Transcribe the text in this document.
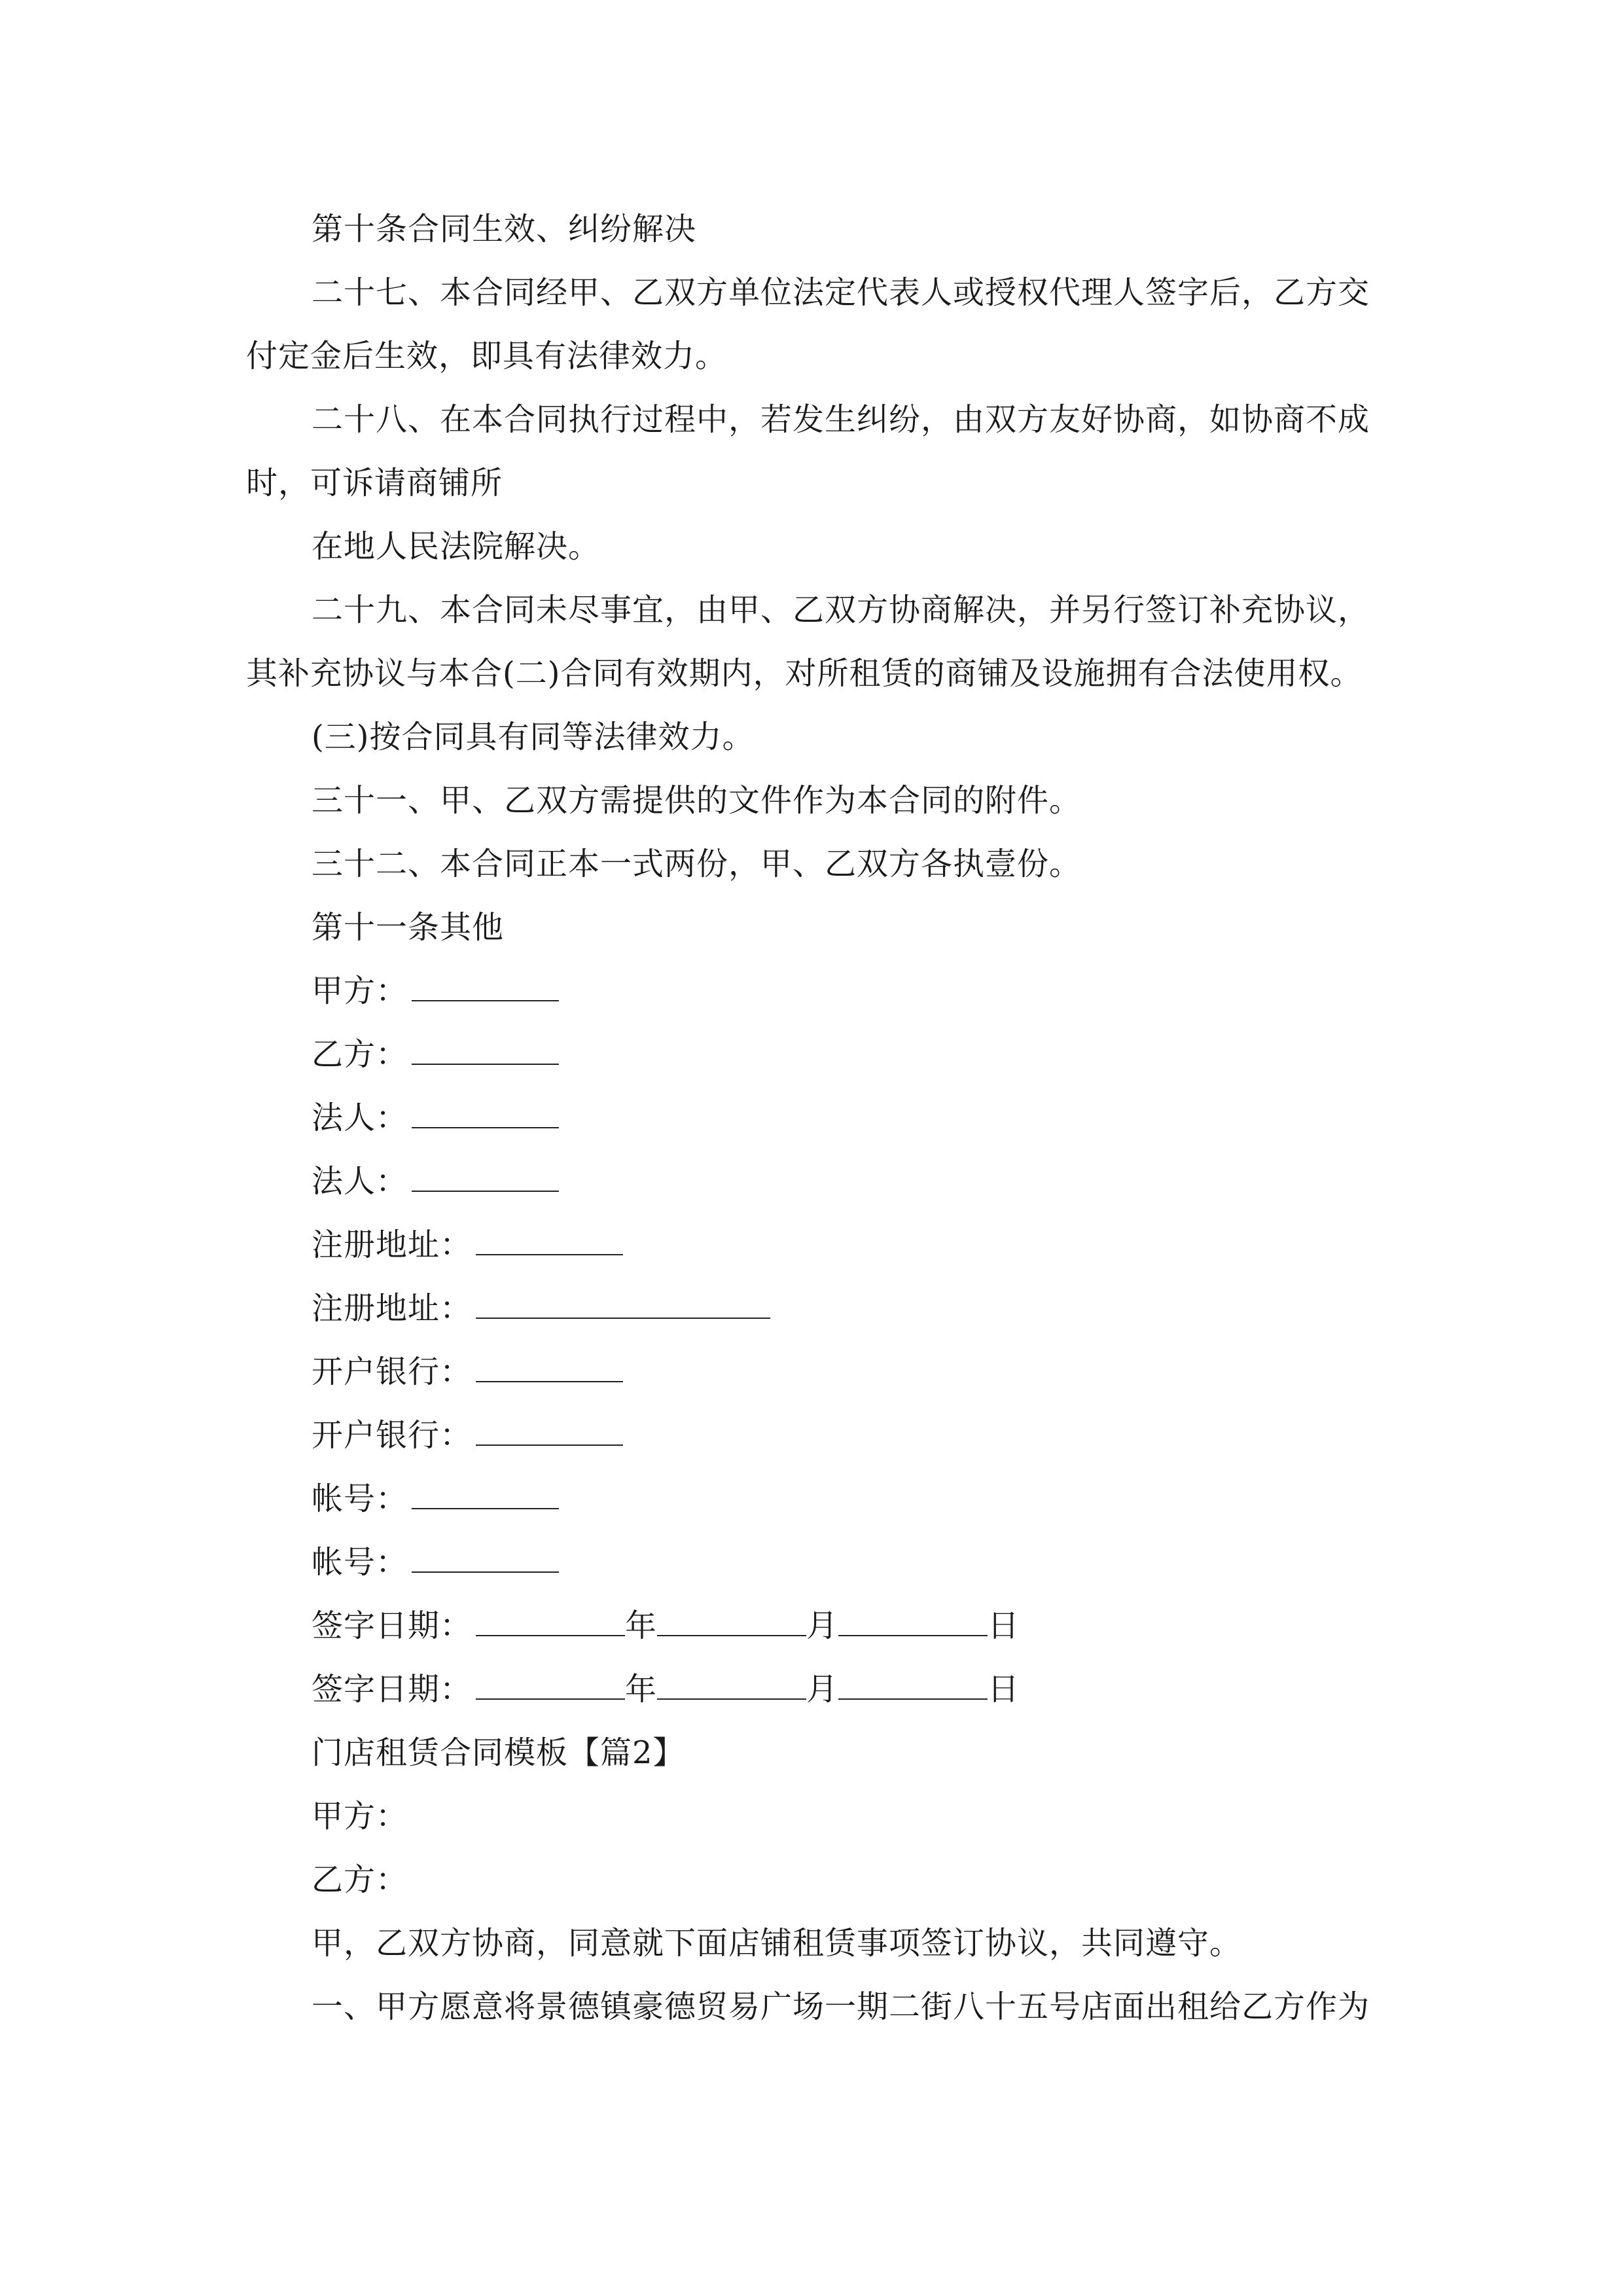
第十条合同生效、纠纷解决
二十七、本合同经甲、乙双方单位法定代表人或授权代理人签字后，乙方交
付定金后生效，即具有法律效力。
二十八、在本合同执行过程中，若发生纠纷，由双方友好协商，如协商不成
时，可诉请商铺所
在地人民法院解决。
二十九、本合同未尽事宜，由甲、乙双方协商解决，并另行签订补充协议，
其补充协议与本合(二)合同有效期内，对所租赁的商铺及设施拥有合法使用权。
(三)按合同具有同等法律效力。
三十一、甲、乙双方需提供的文件作为本合同的附件。
三十二、本合同正本一式两份，甲、乙双方各执壹份。
第十一条其他
甲方：
乙方：
法人：
法人：
注册地址：
注册地址：
开户银行：
开户银行：
帐号：
帐号：
签字日期：	年	月	日
签字日期：	年	月	日
门店租赁合同模板【篇2】
甲方：
乙方：
甲，乙双方协商，同意就下面店铺租赁事项签订协议，共同遵守。
一、甲方愿意将景德镇豪德贸易广场一期二街八十五号店面出租给乙方作为
